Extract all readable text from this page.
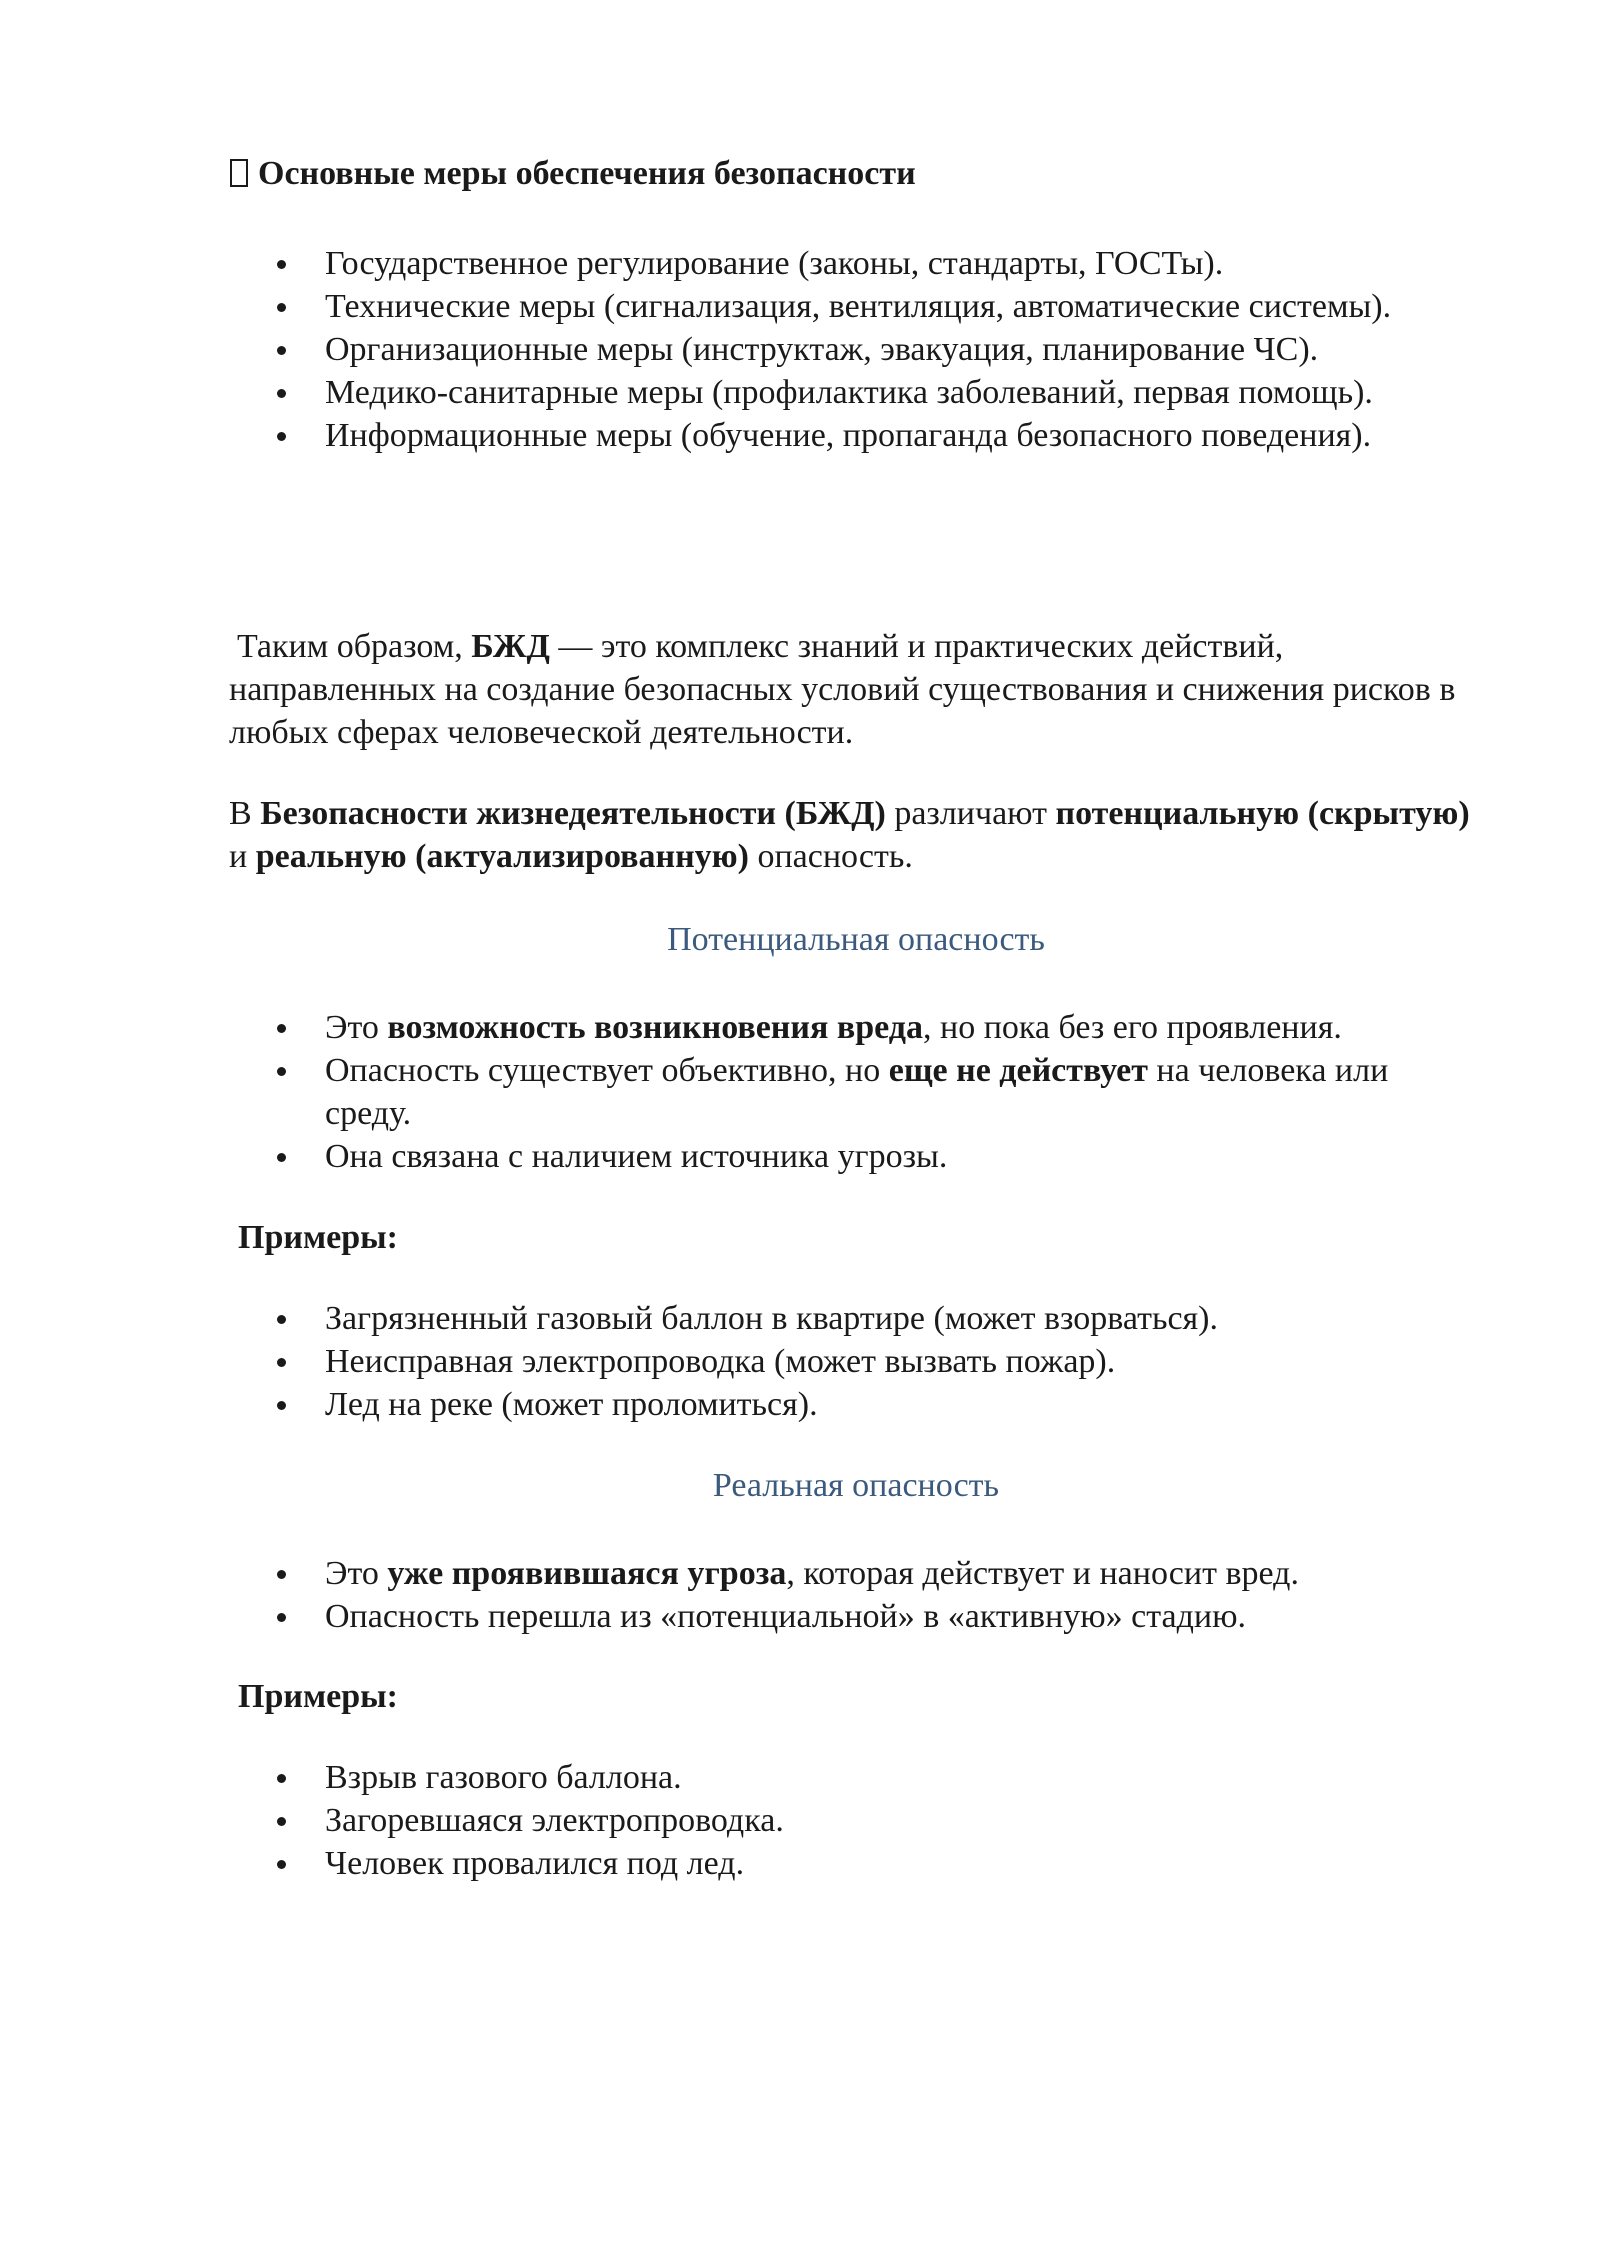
Основные меры обеспечения безопасности
Государственное регулирование (законы, стандарты, ГОСТы).
Технические меры (сигнализация, вентиляция, автоматические системы).
Организационные меры (инструктаж, эвакуация, планирование ЧС).
Медико-санитарные меры (профилактика заболеваний, первая помощь).
Информационные меры (обучение, пропаганда безопасного поведения).
Таким образом, БЖД — это комплекс знаний и практических действий, направленных на создание безопасных условий существования и снижения рисков в любых сферах человеческой деятельности.
В Безопасности жизнедеятельности (БЖД) различают потенциальную (скрытую) и реальную (актуализированную) опасность.
Потенциальная опасность
Это возможность возникновения вреда, но пока без его проявления.
Опасность существует объективно, но еще не действует на человека или среду.
Она связана с наличием источника угрозы.
Примеры:
Загрязненный газовый баллон в квартире (может взорваться).
Неисправная электропроводка (может вызвать пожар).
Лед на реке (может проломиться).
Реальная опасность
Это уже проявившаяся угроза, которая действует и наносит вред.
Опасность перешла из «потенциальной» в «активную» стадию.
Примеры:
Взрыв газового баллона.
Загоревшаяся электропроводка.
Человек провалился под лед.
